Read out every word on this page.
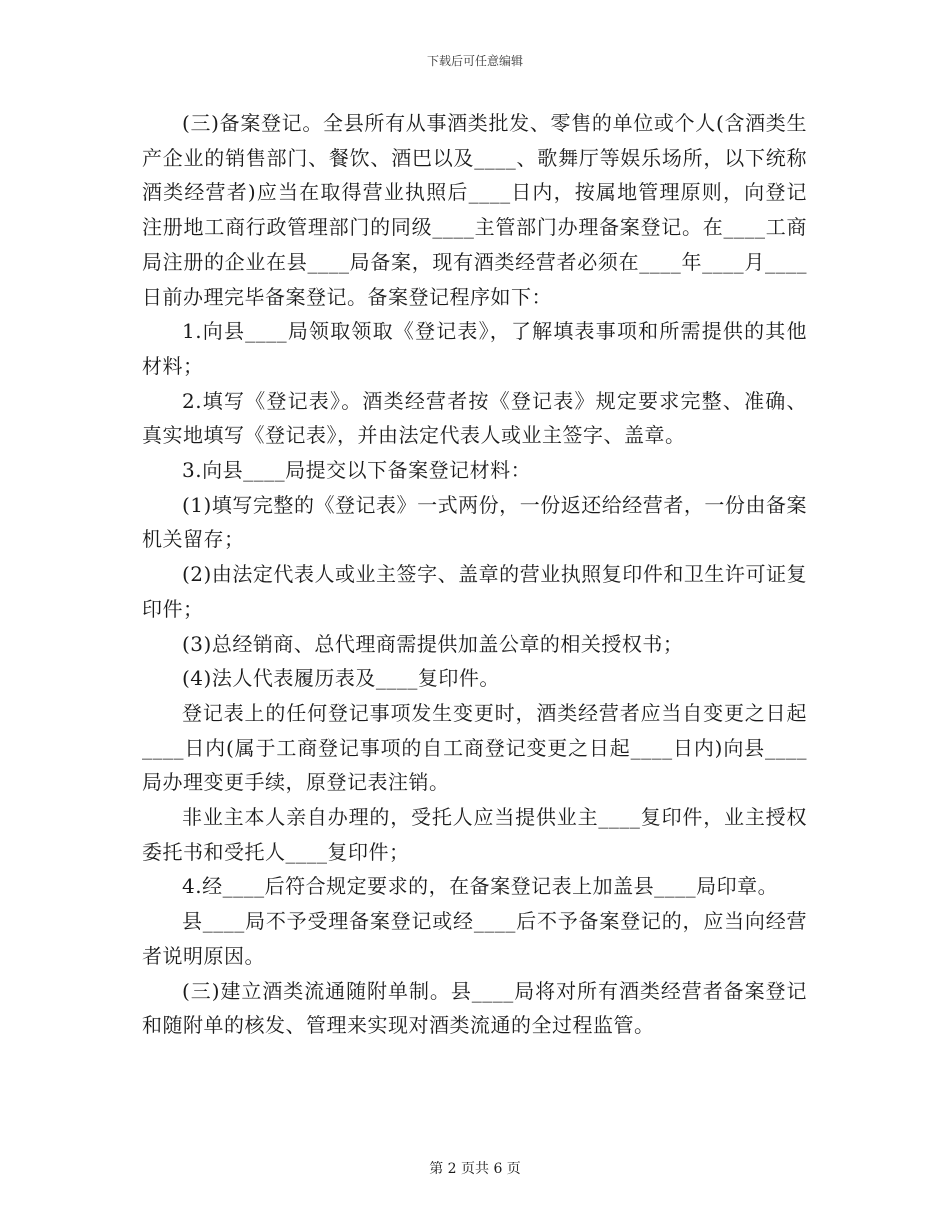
下载后可任意编辑

(三)备案登记。全县所有从事酒类批发、零售的单位或个人(含酒类生产企业的销售部门、餐饮、酒巴以及____、歌舞厅等娱乐场所，以下统称酒类经营者)应当在取得营业执照后____日内，按属地管理原则，向登记注册地工商行政管理部门的同级____主管部门办理备案登记。在____工商局注册的企业在县____局备案，现有酒类经营者必须在____年____月____日前办理完毕备案登记。备案登记程序如下：

1.向县____局领取领取《登记表》，了解填表事项和所需提供的其他材料；

2.填写《登记表》。酒类经营者按《登记表》规定要求完整、准确、真实地填写《登记表》，并由法定代表人或业主签字、盖章。

3.向县____局提交以下备案登记材料：

(1)填写完整的《登记表》一式两份，一份返还给经营者，一份由备案机关留存；

(2)由法定代表人或业主签字、盖章的营业执照复印件和卫生许可证复印件；

(3)总经销商、总代理商需提供加盖公章的相关授权书；

(4)法人代表履历表及____复印件。

登记表上的任何登记事项发生变更时，酒类经营者应当自变更之日起____日内(属于工商登记事项的自工商登记变更之日起____日内)向县____局办理变更手续，原登记表注销。

非业主本人亲自办理的，受托人应当提供业主____复印件，业主授权委托书和受托人____复印件；

4.经____后符合规定要求的，在备案登记表上加盖县____局印章。

县____局不予受理备案登记或经____后不予备案登记的，应当向经营者说明原因。

(三)建立酒类流通随附单制。县____局将对所有酒类经营者备案登记和随附单的核发、管理来实现对酒类流通的全过程监管。

第 2 页共 6 页
